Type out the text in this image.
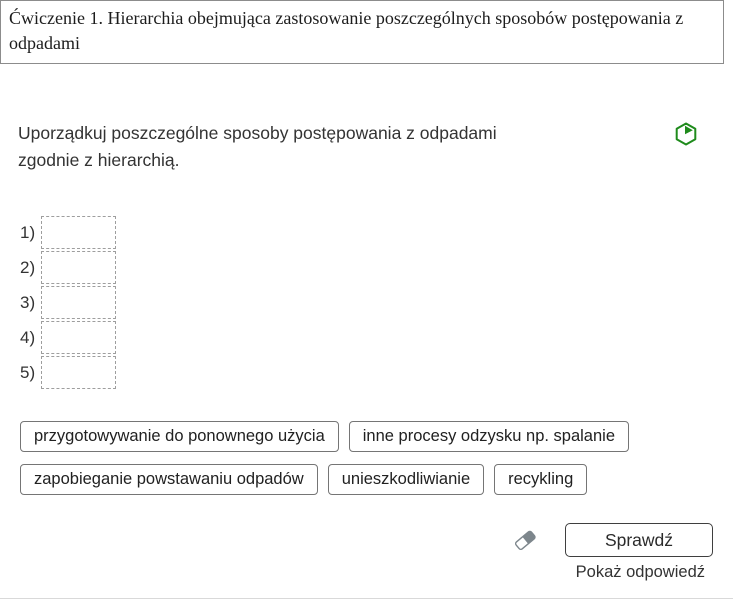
Ćwiczenie 1. Hierarchia obejmująca zastosowanie poszczególnych sposobów postępowania z odpadami

Uporządkuj poszczególne sposoby postępowania z odpadami zgodnie z hierarchią.

1)
2)
3)
4)
5)
przygotowywanie do ponownego użycia	inne procesy odzysku np. spalanie
zapobieganie powstawaniu odpadów	unieszkodliwianie	recykling
Sprawdź
Pokaż odpowiedź
